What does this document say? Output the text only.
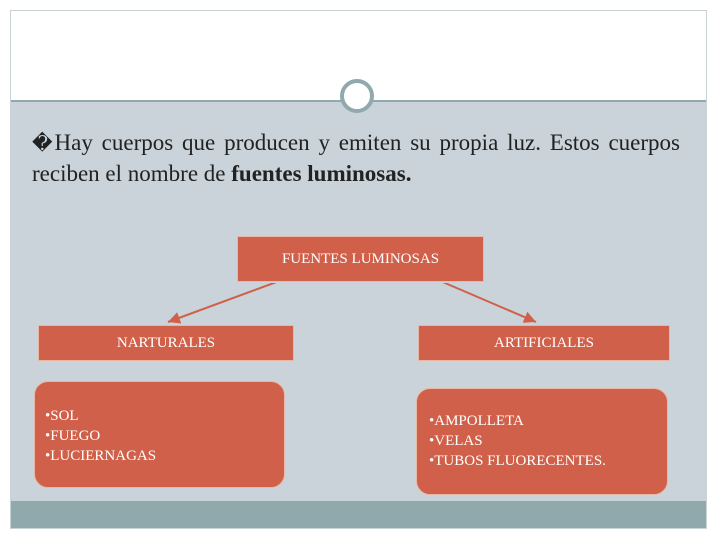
�Hay cuerpos que producen y emiten su propia luz. Estos cuerpos reciben el nombre de fuentes luminosas.

FUENTES LUMINOSAS
NARTURALES	ARTIFICIALES
•SOL
•FUEGO
•LUCIERNAGAS
•AMPOLLETA
•VELAS
•TUBOS FLUORECENTES.
